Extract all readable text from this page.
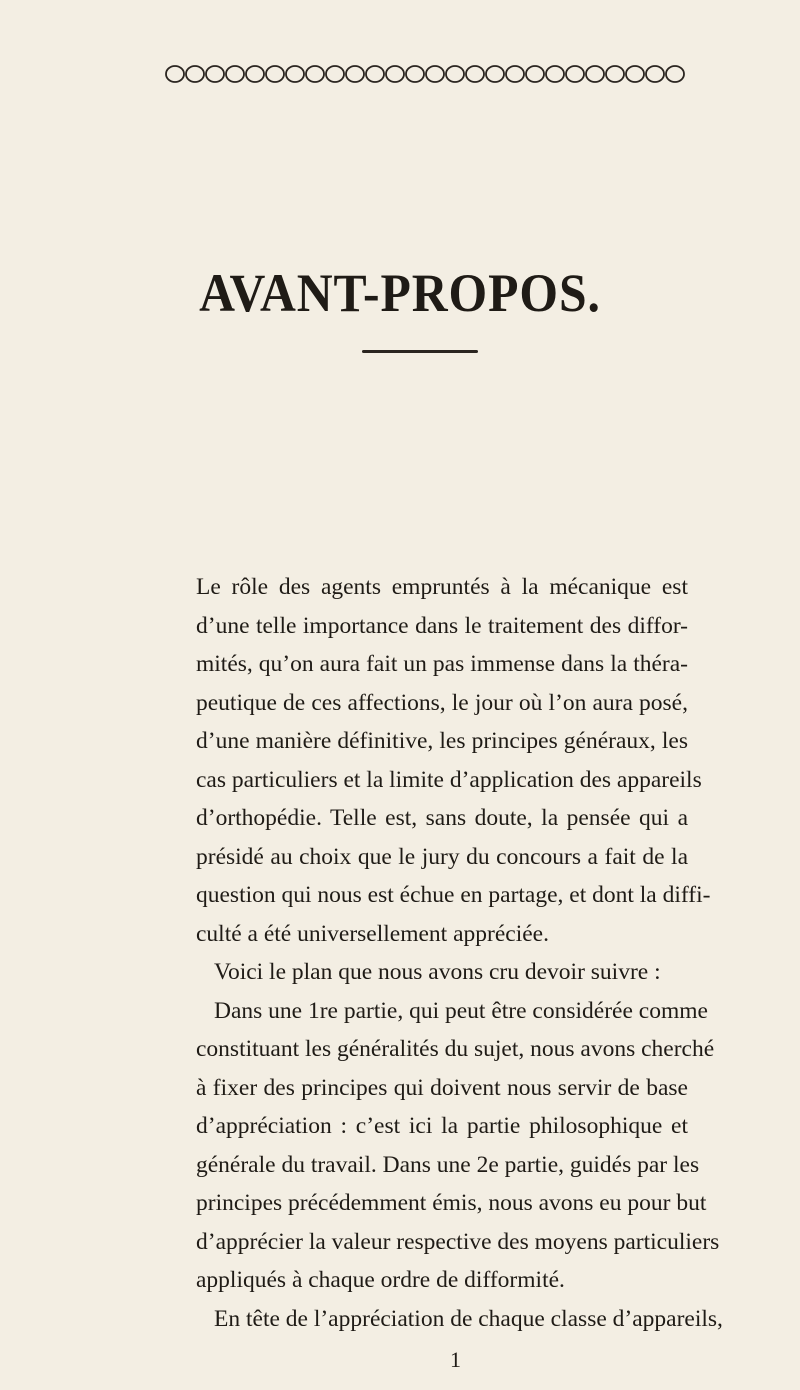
AVANT-PROPOS.
Le rôle des agents empruntés à la mécanique est
d’une telle importance dans le traitement des diffor-
mités, qu’on aura fait un pas immense dans la théra-
peutique de ces affections, le jour où l’on aura posé,
d’une manière définitive, les principes généraux, les
cas particuliers et la limite d’application des appareils
d’orthopédie. Telle est, sans doute, la pensée qui a
présidé au choix que le jury du concours a fait de la
question qui nous est échue en partage, et dont la diffi-
culté a été universellement appréciée.
Voici le plan que nous avons cru devoir suivre :
Dans une 1re partie, qui peut être considérée comme
constituant les généralités du sujet, nous avons cherché
à fixer des principes qui doivent nous servir de base
d’appréciation : c’est ici la partie philosophique et
générale du travail. Dans une 2e partie, guidés par les
principes précédemment émis, nous avons eu pour but
d’apprécier la valeur respective des moyens particuliers
appliqués à chaque ordre de difformité.
En tête de l’appréciation de chaque classe d’appareils,
1
